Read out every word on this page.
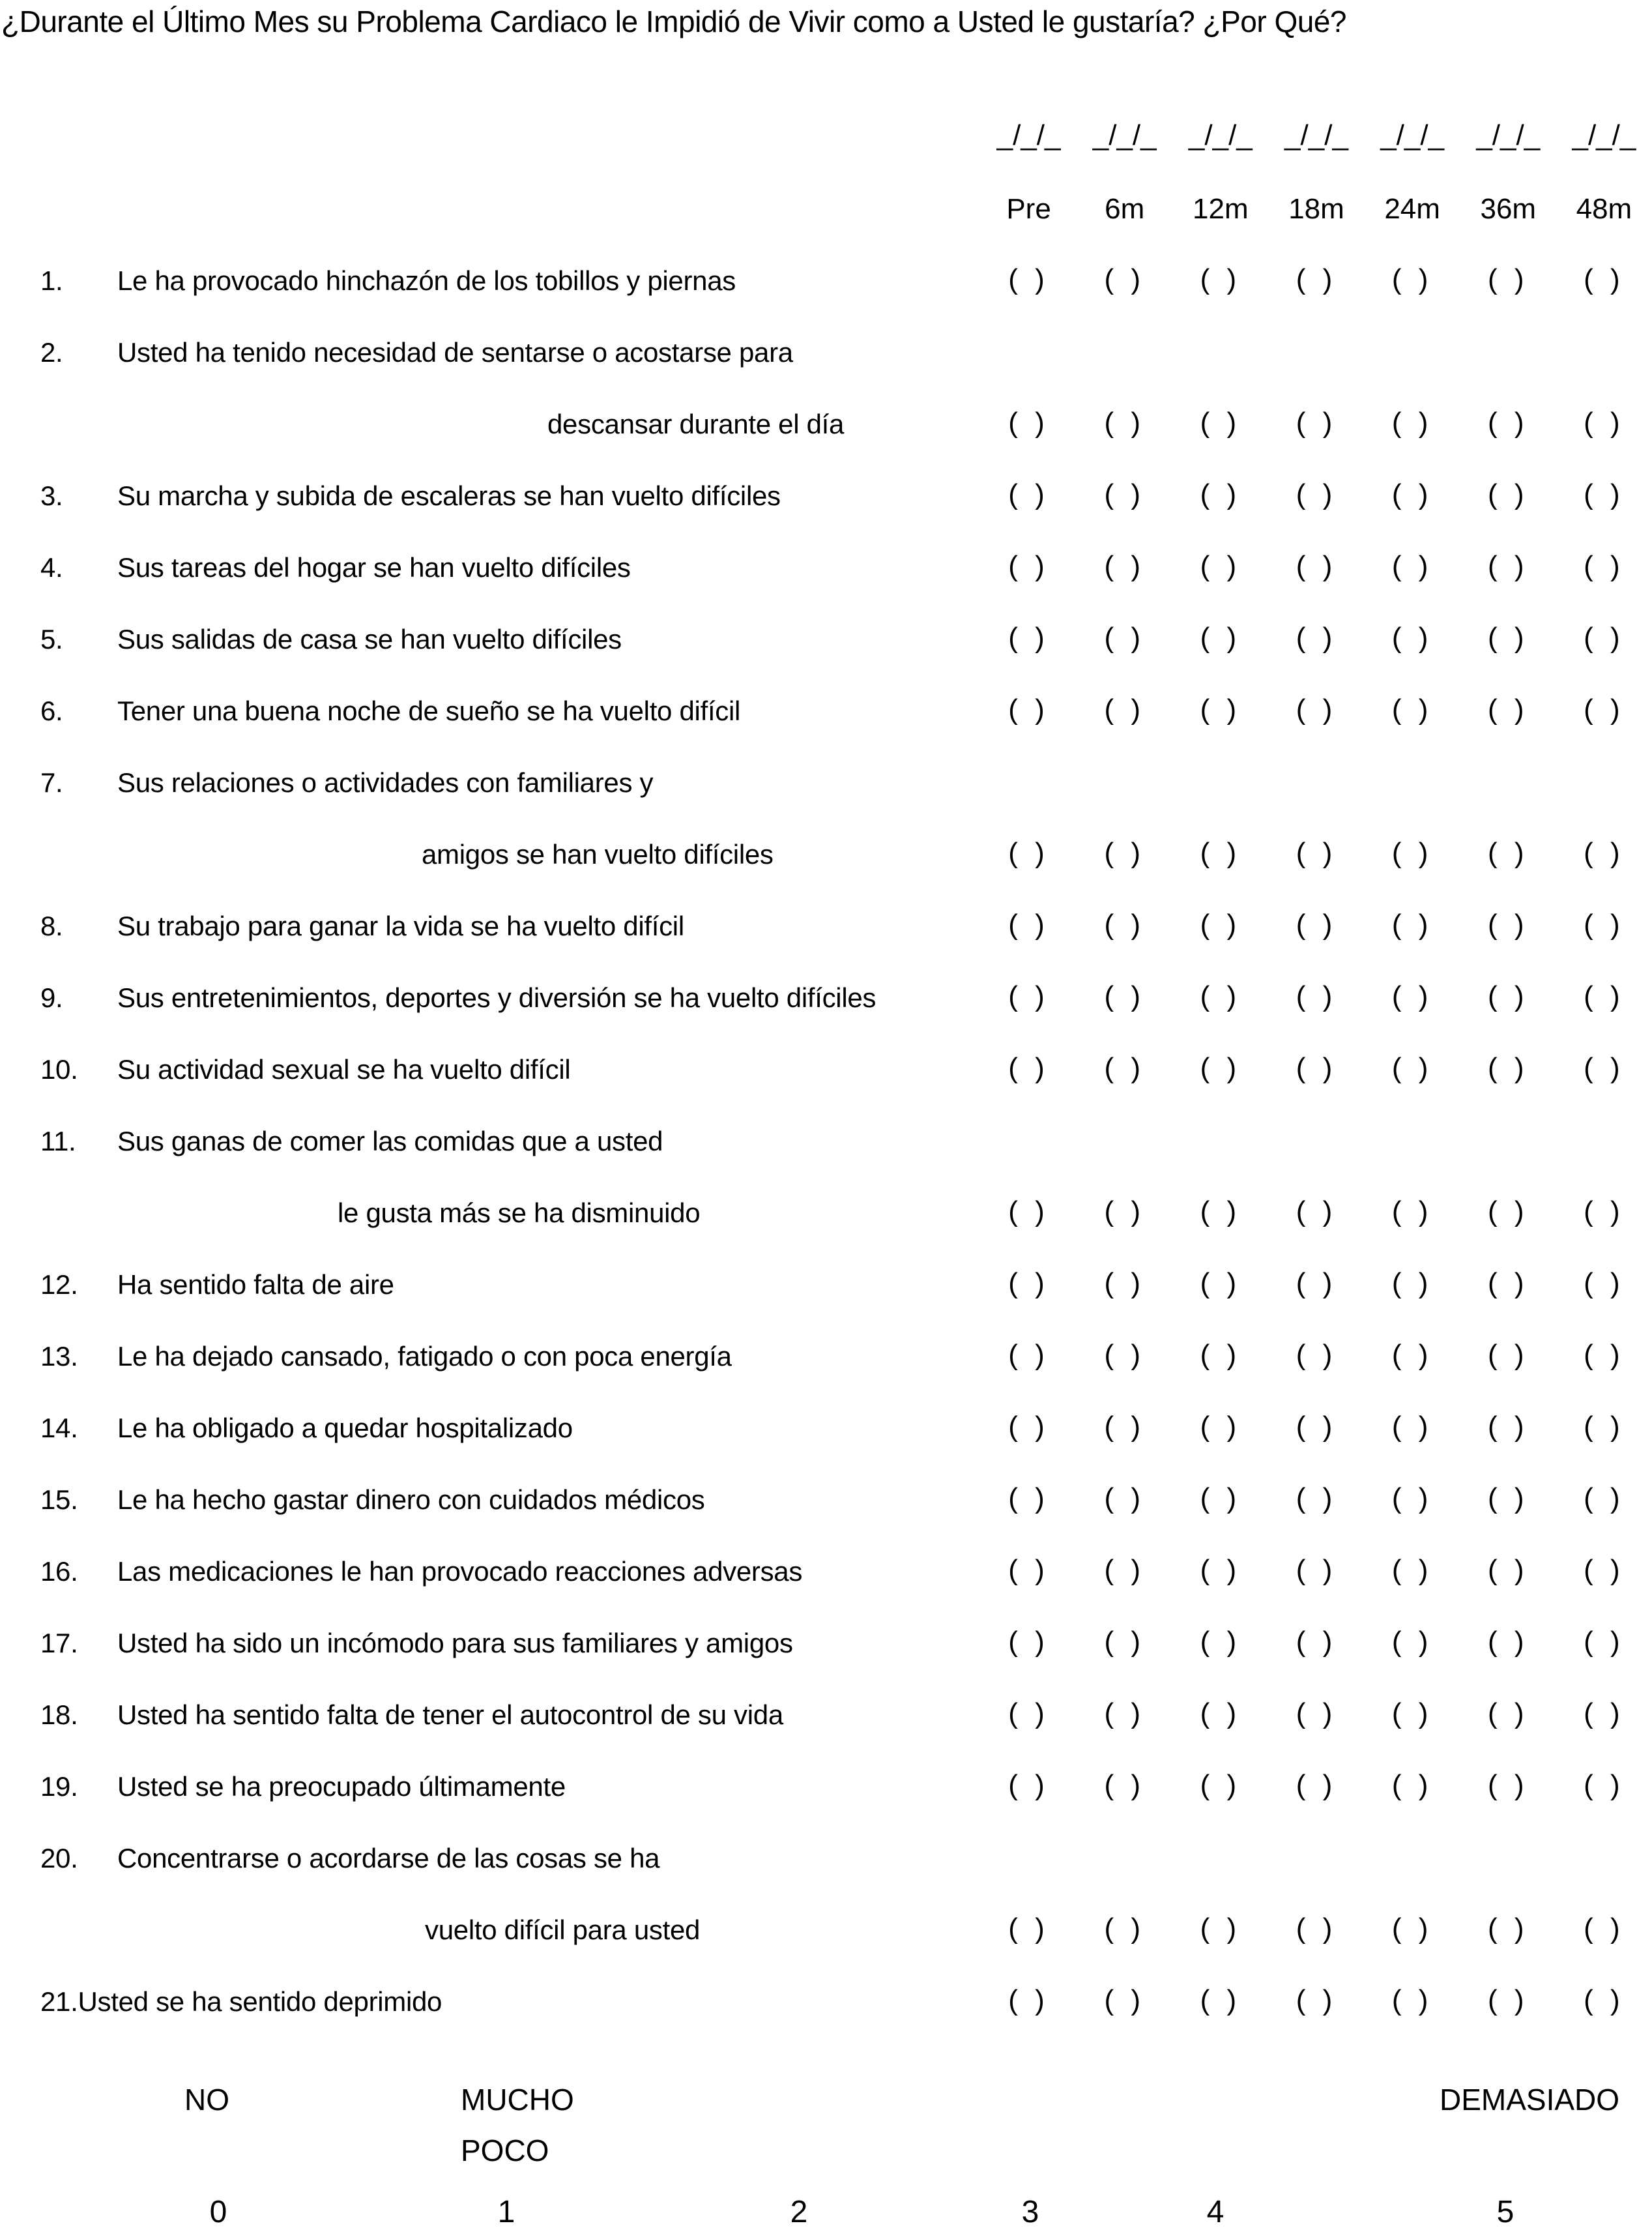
¿Durante el Último Mes su Problema Cardiaco le Impidió de Vivir como a Usted le gustaría? ¿Por Qué?
_/_/_	_/_/_	_/_/_	_/_/_	_/_/_	_/_/_	_/_/_
Pre	6m	12m	18m	24m	36m	48m
1. Le ha provocado hinchazón de los tobillos y piernas	( )	( )	( )	( )	( )	( )	( )
2. Usted ha tenido necesidad de sentarse o acostarse para
descansar durante el día	( )	( )	( )	( )	( )	( )	( )
3. Su marcha y subida de escaleras se han vuelto difíciles	( )	( )	( )	( )	( )	( )	( )
4. Sus tareas del hogar se han vuelto difíciles	( )	( )	( )	( )	( )	( )	( )
5. Sus salidas de casa se han vuelto difíciles	( )	( )	( )	( )	( )	( )	( )
6. Tener una buena noche de sueño se ha vuelto difícil	( )	( )	( )	( )	( )	( )	( )
7. Sus relaciones o actividades con familiares y
amigos se han vuelto difíciles	( )	( )	( )	( )	( )	( )	( )
8. Su trabajo para ganar la vida se ha vuelto difícil	( )	( )	( )	( )	( )	( )	( )
9. Sus entretenimientos, deportes y diversión se ha vuelto difíciles	( )	( )	( )	( )	( )	( )	( )
10. Su actividad sexual se ha vuelto difícil	( )	( )	( )	( )	( )	( )	( )
11. Sus ganas de comer las comidas que a usted
le gusta más se ha disminuido	( )	( )	( )	( )	( )	( )	( )
12. Ha sentido falta de aire	( )	( )	( )	( )	( )	( )	( )
13. Le ha dejado cansado, fatigado o con poca energía	( )	( )	( )	( )	( )	( )	( )
14. Le ha obligado a quedar hospitalizado	( )	( )	( )	( )	( )	( )	( )
15. Le ha hecho gastar dinero con cuidados médicos	( )	( )	( )	( )	( )	( )	( )
16. Las medicaciones le han provocado reacciones adversas	( )	( )	( )	( )	( )	( )	( )
17. Usted ha sido un incómodo para sus familiares y amigos	( )	( )	( )	( )	( )	( )	( )
18. Usted ha sentido falta de tener el autocontrol de su vida	( )	( )	( )	( )	( )	( )	( )
19. Usted se ha preocupado últimamente	( )	( )	( )	( )	( )	( )	( )
20. Concentrarse o acordarse de las cosas se ha
vuelto difícil para usted	( )	( )	( )	( )	( )	( )	( )
21.Usted se ha sentido deprimido	( )	( )	( )	( )	( )	( )	( )
NO	MUCHO
POCO
DEMASIADO
0	1	2	3	4	5
